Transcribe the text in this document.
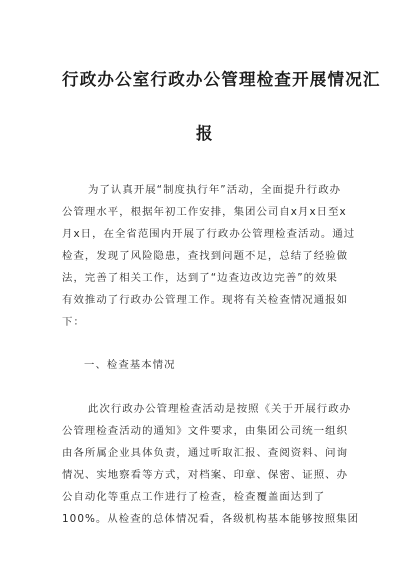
行政办公室行政办公管理检查开展情况汇
报
为了认真开展“制度执行年”活动，全面提升行政办
公管理水平，根据年初工作安排，集团公司自x月x日至x
月x日，在全省范围内开展了行政办公管理检查活动。通过
检查，发现了风险隐患，查找到问题不足，总结了经验做
法，完善了相关工作，达到了“边查边改边完善”的效果
有效推动了行政办公管理工作。现将有关检查情况通报如
下：
一、检查基本情况
此次行政办公管理检查活动是按照《关于开展行政办
公管理检查活动的通知》文件要求，由集团公司统一组织
由各所属企业具体负责，通过听取汇报、查阅资料、问询
情况、实地察看等方式，对档案、印章、保密、证照、办
公自动化等重点工作进行了检查，检查覆盖面达到了
100%。从检查的总体情况看，各级机构基本能够按照集团
